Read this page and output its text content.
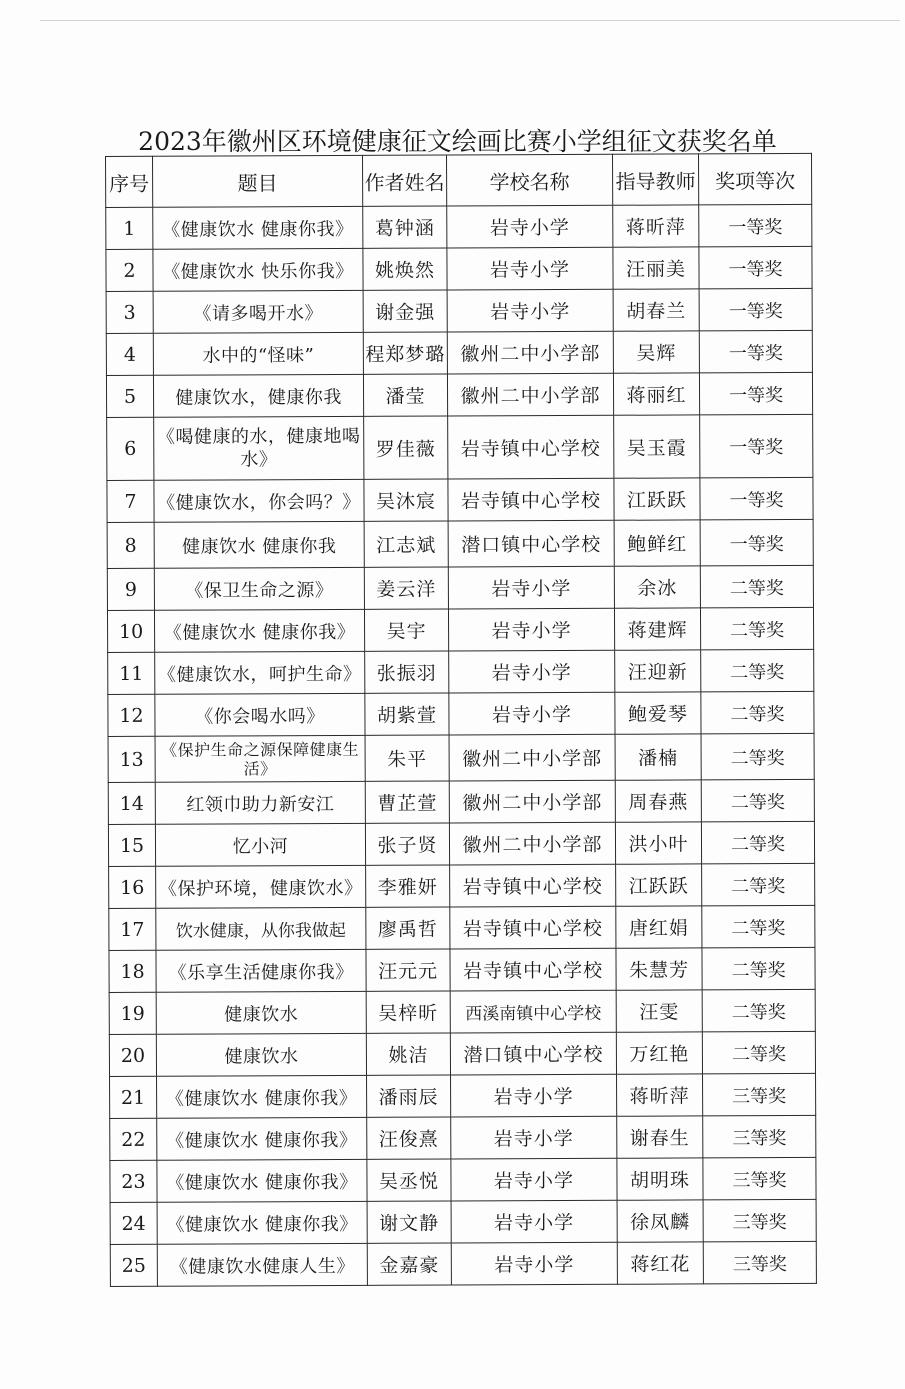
2023年徽州区环境健康征文绘画比赛小学组征文获奖名单
序号	题目	作者姓名	学校名称	指导教师	奖项等次
1	《健康饮水 健康你我》	葛钟涵	岩寺小学	蒋昕萍	一等奖
2	《健康饮水 快乐你我》	姚焕然	岩寺小学	汪丽美	一等奖
3	《请多喝开水》	谢金强	岩寺小学	胡春兰	一等奖
4	水中的“怪味”	程郑梦璐	徽州二中小学部	吴辉	一等奖
5	健康饮水，健康你我	潘莹	徽州二中小学部	蒋丽红	一等奖
6	《喝健康的水，健康地喝水》	罗佳薇	岩寺镇中心学校	吴玉霞	一等奖
7	《健康饮水，你会吗？》	吴沐宸	岩寺镇中心学校	江跃跃	一等奖
8	健康饮水 健康你我	江志斌	潜口镇中心学校	鲍鲜红	一等奖
9	《保卫生命之源》	姜云洋	岩寺小学	余冰	二等奖
10	《健康饮水 健康你我》	吴宇	岩寺小学	蒋建辉	二等奖
11	《健康饮水，呵护生命》	张振羽	岩寺小学	汪迎新	二等奖
12	《你会喝水吗》	胡紫萱	岩寺小学	鲍爱琴	二等奖
13	《保护生命之源保障健康生活》	朱平	徽州二中小学部	潘楠	二等奖
14	红领巾助力新安江	曹芷萱	徽州二中小学部	周春燕	二等奖
15	忆小河	张子贤	徽州二中小学部	洪小叶	二等奖
16	《保护环境，健康饮水》	李雅妍	岩寺镇中心学校	江跃跃	二等奖
17	饮水健康，从你我做起	廖禹哲	岩寺镇中心学校	唐红娟	二等奖
18	《乐享生活健康你我》	汪元元	岩寺镇中心学校	朱慧芳	二等奖
19	健康饮水	吴梓昕	西溪南镇中心学校	汪雯	二等奖
20	健康饮水	姚洁	潜口镇中心学校	万红艳	二等奖
21	《健康饮水 健康你我》	潘雨辰	岩寺小学	蒋昕萍	三等奖
22	《健康饮水 健康你我》	汪俊熹	岩寺小学	谢春生	三等奖
23	《健康饮水 健康你我》	吴丞悦	岩寺小学	胡明珠	三等奖
24	《健康饮水 健康你我》	谢文静	岩寺小学	徐凤麟	三等奖
25	《健康饮水健康人生》	金嘉豪	岩寺小学	蒋红花	三等奖
